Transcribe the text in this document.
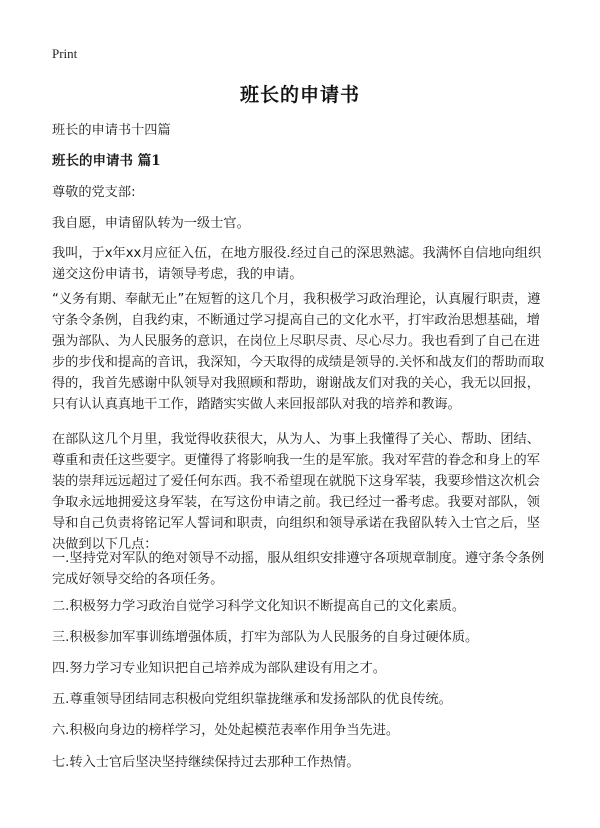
Print
班长的申请书

班长的申请书十四篇

班长的申请书 篇1

尊敬的党支部:

我自愿，申请留队转为一级士官。

我叫，于x年xx月应征入伍，在地方服役.经过自己的深思熟滤。我满怀自信地向组织递交这份申请书，请领导考虑，我的申请。

“义务有期、奉献无止”在短暂的这几个月，我积极学习政治理论，认真履行职责，遵守条令条例，自我约束，不断通过学习提高自己的文化水平，打牢政治思想基础，增强为部队、为人民服务的意识，在岗位上尽职尽责、尽心尽力。我也看到了自己在进步的步伐和提高的音讯，我深知，今天取得的成绩是领导的.关怀和战友们的帮助而取得的，我首先感谢中队领导对我照顾和帮助，谢谢战友们对我的关心，我无以回报，只有认认真真地干工作，踏踏实实做人来回报部队对我的培养和教诲。

在部队这几个月里，我觉得收获很大，从为人、为事上我懂得了关心、帮助、团结、尊重和责任这些要字。更懂得了将影响我一生的是军旅。我对军营的眷念和身上的军装的崇拜远远超过了爱任何东西。我不希望现在就脱下这身军装，我要珍惜这次机会争取永远地拥爱这身军装，在写这份申请之前。我已经过一番考虑。我要对部队，领导和自己负责将铭记军人誓词和职责，向组织和领导承诺在我留队转入士官之后，坚决做到以下几点：

一.坚持党对军队的绝对领导不动摇，服从组织安排遵守各项规章制度。遵守条令条例完成好领导交给的各项任务。

二.积极努力学习政治自觉学习科学文化知识不断提高自己的文化素质。

三.积极参加军事训练增强体质，打牢为部队为人民服务的自身过硬体质。

四.努力学习专业知识把自己培养成为部队建设有用之才。

五.尊重领导团结同志积极向党组织靠拢继承和发扬部队的优良传统。

六.积极向身边的榜样学习，处处起模范表率作用争当先进。

七.转入士官后坚决坚持继续保持过去那种工作热情。
